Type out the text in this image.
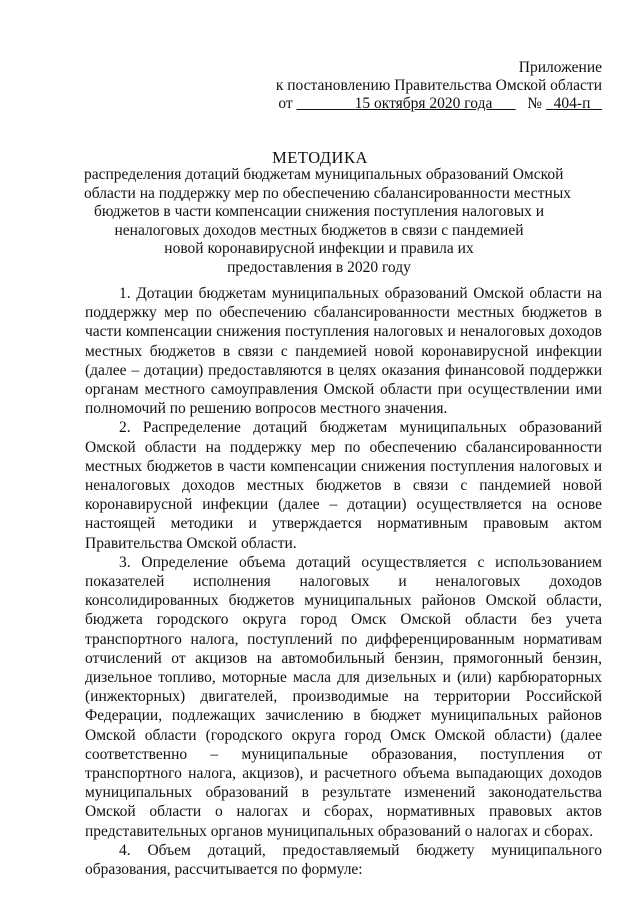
Приложение
к постановлению Правительства Омской области
от	15 октября 2020 года № 404-п
МЕТОДИКА
распределения дотаций бюджетам муниципальных образований Омской
области на поддержку мер по обеспечению сбалансированности местных
бюджетов в части компенсации снижения поступления налоговых и
неналоговых доходов местных бюджетов в связи с пандемией
новой коронавирусной инфекции и правила их
предоставления в 2020 году

1. Дотации бюджетам муниципальных образований Омской области на поддержку мер по обеспечению сбалансированности местных бюджетов в части компенсации снижения поступления налоговых и неналоговых доходов местных бюджетов в связи с пандемией новой коронавирусной инфекции (далее – дотации) предоставляются в целях оказания финансовой поддержки органам местного самоуправления Омской области при осуществлении ими полномочий по решению вопросов местного значения.

2. Распределение дотаций бюджетам муниципальных образований Омской области на поддержку мер по обеспечению сбалансированности местных бюджетов в части компенсации снижения поступления налоговых и неналоговых доходов местных бюджетов в связи с пандемией новой коронавирусной инфекции (далее – дотации) осуществляется на основе настоящей методики и утверждается нормативным правовым актом Правительства Омской области.

3. Определение объема дотаций осуществляется с использованием показателей исполнения налоговых и неналоговых доходов консолидированных бюджетов муниципальных районов Омской области, бюджета городского округа город Омск Омской области без учета транспортного налога, поступлений по дифференцированным нормативам отчислений от акцизов на автомобильный бензин, прямогонный бензин, дизельное топливо, моторные масла для дизельных и (или) карбюраторных (инжекторных) двигателей, производимые на территории Российской Федерации, подлежащих зачислению в бюджет муниципальных районов Омской области (городского округа город Омск Омской области) (далее соответственно – муниципальные образования, поступления от транспортного налога, акцизов), и расчетного объема выпадающих доходов муниципальных образований в результате изменений законодательства Омской области о налогах и сборах, нормативных правовых актов представительных органов муниципальных образований о налогах и сборах.

4. Объем дотаций, предоставляемый бюджету муниципального образования, рассчитывается по формуле:
